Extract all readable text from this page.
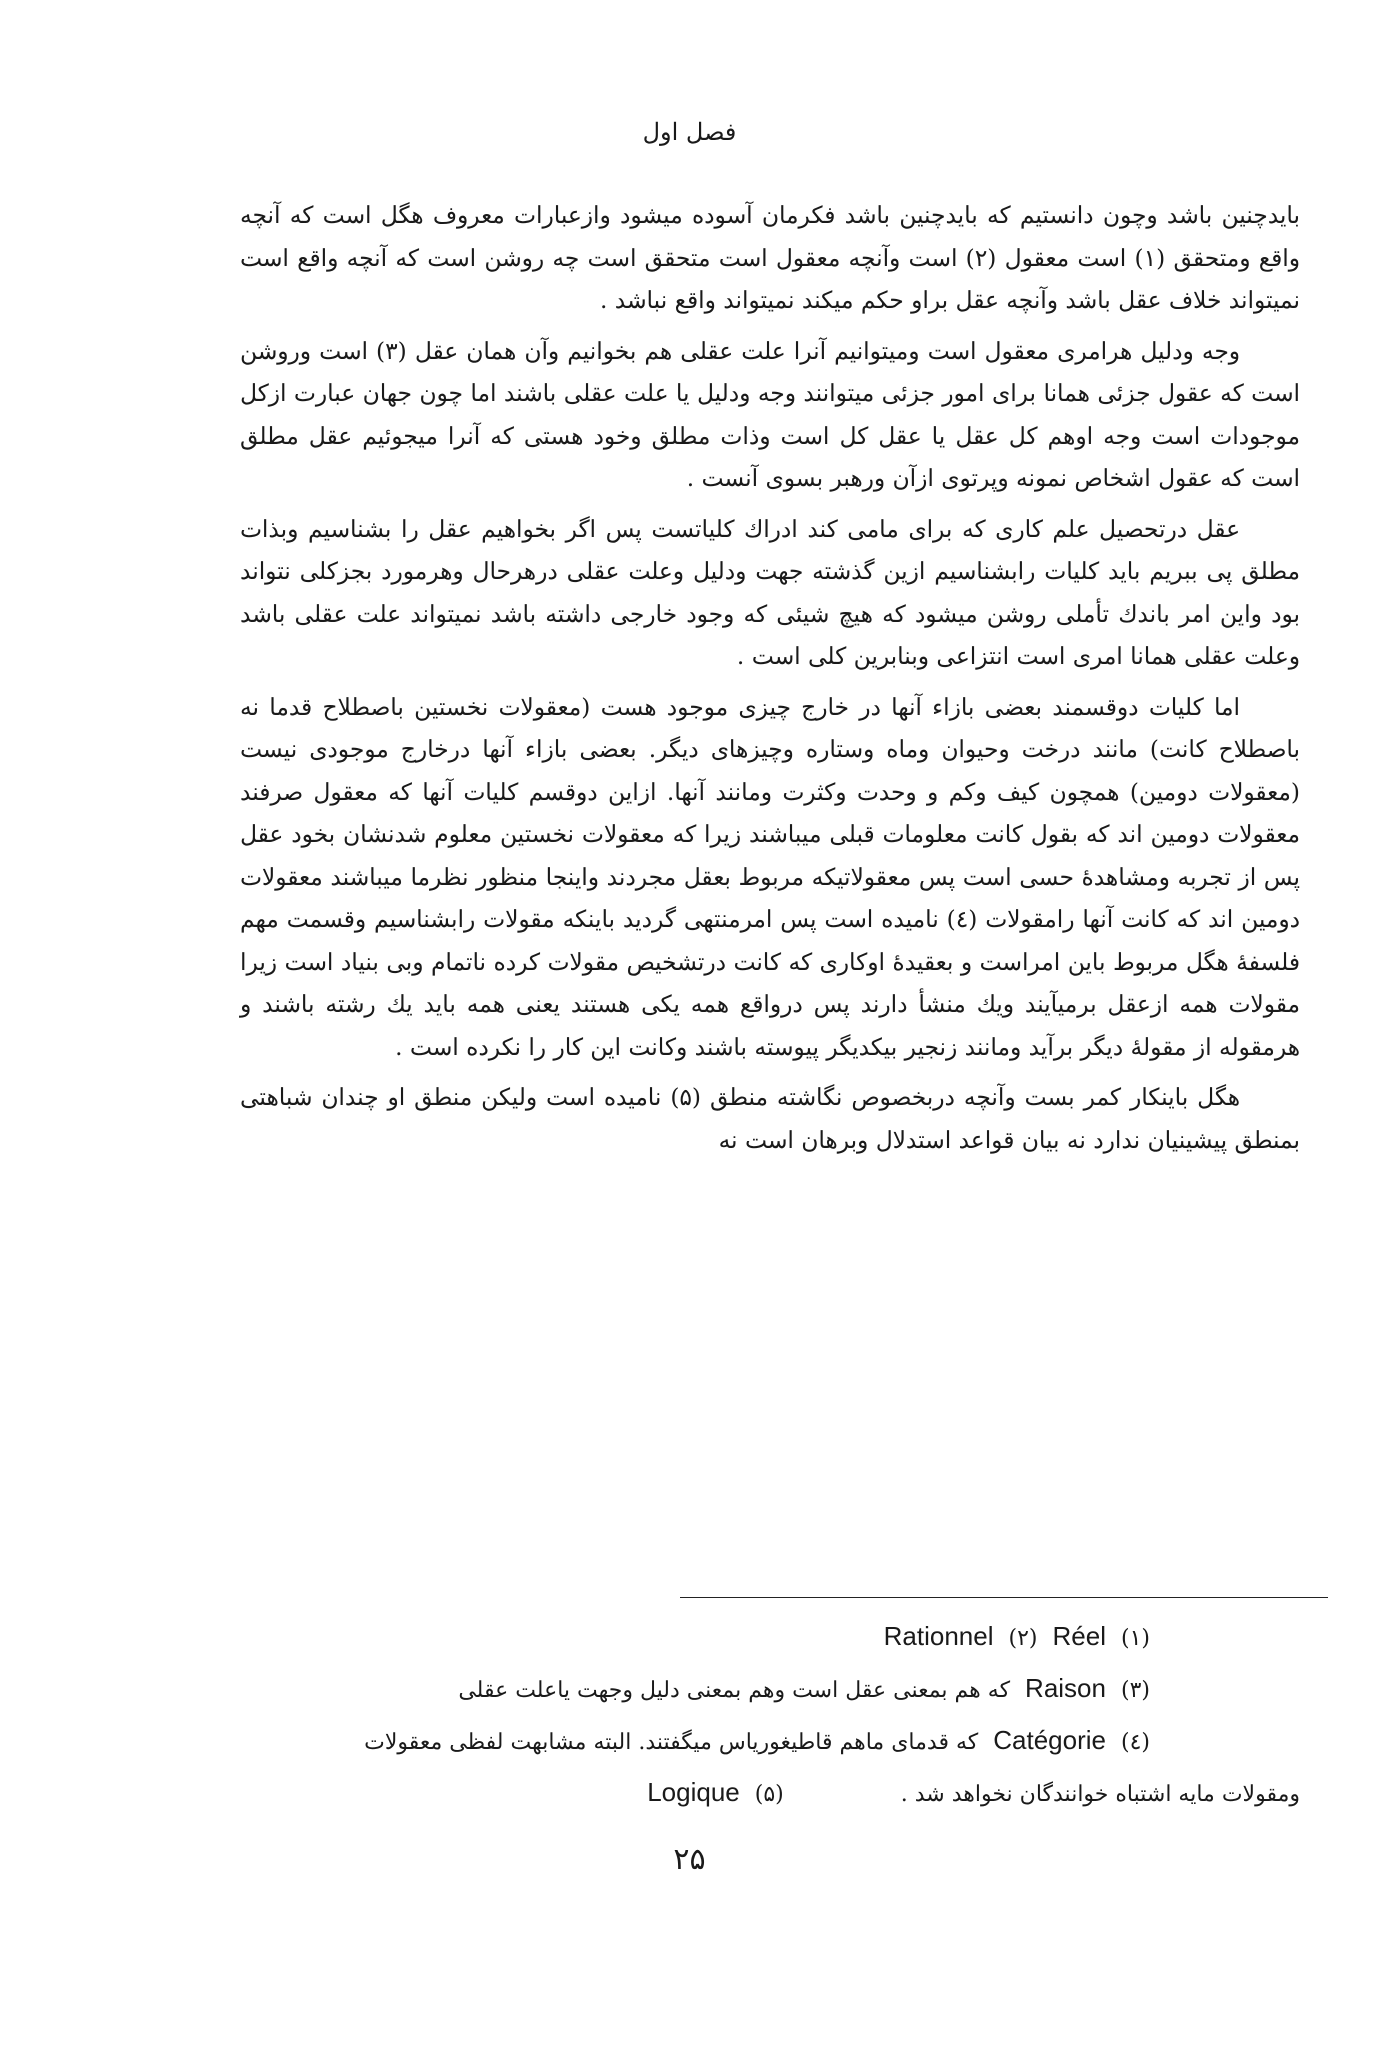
فصل اول

بایدچنین باشد وچون دانستیم که بایدچنین باشد فکرمان آسوده میشود وازعبارات معروف هگل است که آنچه واقع ومتحقق (۱) است معقول (۲) است وآنچه معقول است متحقق است چه روشن است که آنچه واقع است نمیتواند خلاف عقل باشد وآنچه عقل براو حکم میکند نمیتواند واقع نباشد .

وجه ودلیل هرامری معقول است ومیتوانیم آنرا علت عقلی هم بخوانیم وآن همان عقل (۳) است وروشن است که عقول جزئی همانا برای امور جزئی میتوانند وجه ودلیل یا علت عقلی باشند اما چون جهان عبارت ازکل موجودات است وجه اوهم کل عقل یا عقل کل است وذات مطلق وخود هستی که آنرا میجوئیم عقل مطلق است که عقول اشخاص نمونه وپرتوی ازآن ورهبر بسوی آنست .

عقل درتحصیل علم کاری که برای مامی کند ادراك کلیاتست پس اگر بخواهیم عقل را بشناسیم وبذات مطلق پی ببریم باید کلیات رابشناسیم ازین گذشته جهت ودلیل وعلت عقلی درهرحال وهرمورد بجزکلی نتواند بود واین امر باندك تأملی روشن میشود که هیچ شیئی که وجود خارجی داشته باشد نمیتواند علت عقلی باشد وعلت عقلی همانا امری است انتزاعی وبنابرین کلی است .

اما کلیات دوقسمند بعضی بازاء آنها در خارج چیزی موجود هست (معقولات نخستین باصطلاح قدما نه باصطلاح کانت) مانند درخت وحیوان وماه وستاره وچیزهای دیگر. بعضی بازاء آنها درخارج موجودی نیست (معقولات دومین) همچون کیف وکم و وحدت وکثرت ومانند آنها. ازاین دوقسم کلیات آنها که معقول صرفند معقولات دومین اند که بقول کانت معلومات قبلی میباشند زیرا که معقولات نخستین معلوم شدنشان بخود عقل پس از تجربه ومشاهدهٔ حسی است پس معقولاتیکه مربوط بعقل مجردند واینجا منظور نظرما میباشند معقولات دومین اند که کانت آنها رامقولات (٤) نامیده است پس امرمنتهی گردید باینکه مقولات رابشناسیم وقسمت مهم فلسفهٔ هگل مربوط باین امراست و بعقیدهٔ اوکاری که کانت درتشخیص مقولات کرده ناتمام وبی بنیاد است زیرا مقولات همه ازعقل برمیآیند ویك منشأ دارند پس درواقع همه یکی هستند یعنی همه باید یك رشته باشند و هرمقوله از مقولهٔ دیگر برآید ومانند زنجیر بیکدیگر پیوسته باشند وکانت این کار را نکرده است .

هگل باینکار کمر بست وآنچه دربخصوص نگاشته منطق (۵) نامیده است ولیکن منطق او چندان شباهتی بمنطق پیشینیان ندارد نه بیان قواعد استدلال وبرهان است نه

(۱) Réel (۲) Rationnel
(۳) Raison که هم بمعنی عقل است وهم بمعنی دلیل وجهت یاعلت عقلی
(٤) Catégorie که قدمای ماهم قاطیغوریاس میگفتند. البته مشابهت لفظی معقولات
ومقولات مایه اشتباه خوانندگان نخواهد شد . (۵) Logique
۲۵
